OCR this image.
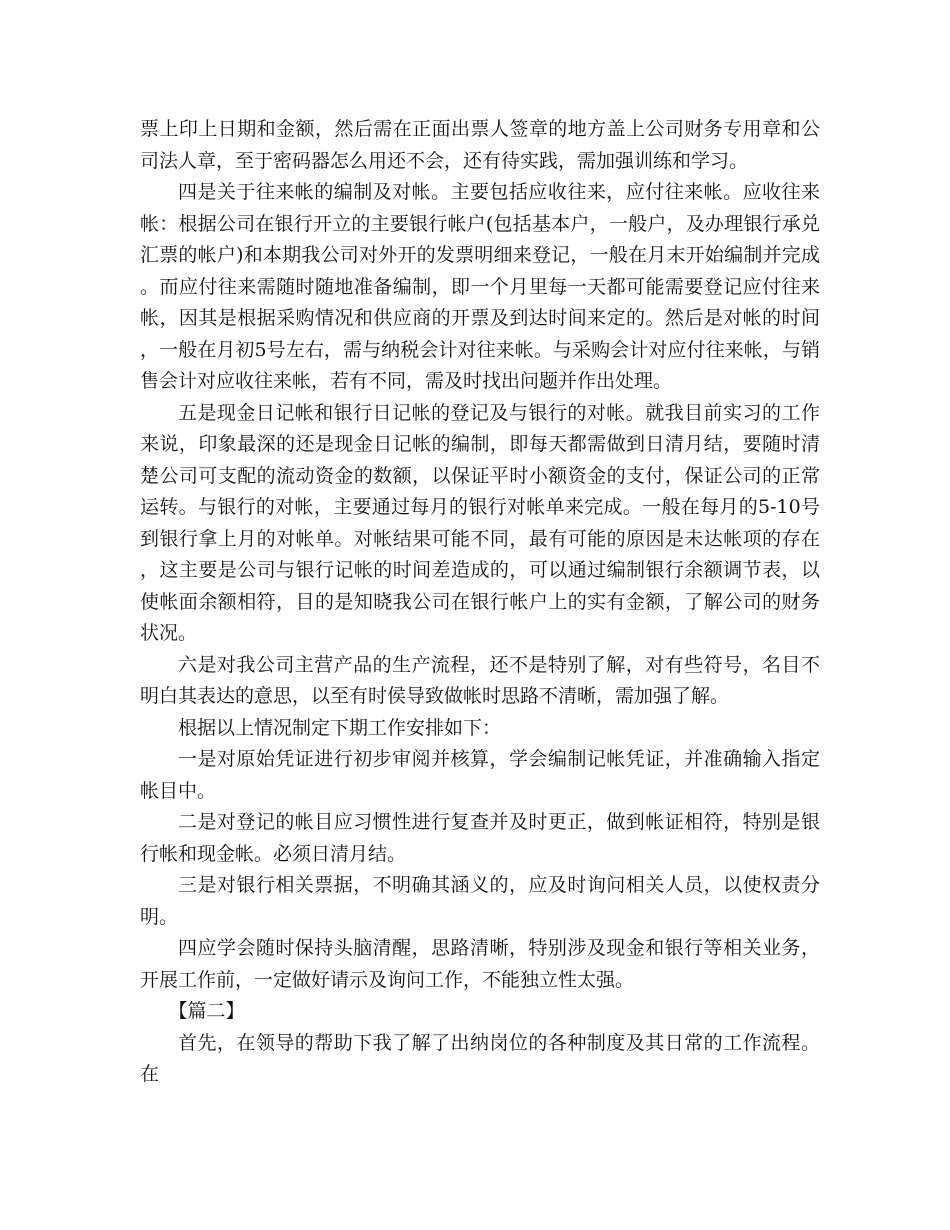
票上印上日期和金额，然后需在正面出票人签章的地方盖上公司财务专用章和公司法人章，至于密码器怎么用还不会，还有待实践，需加强训练和学习。

四是关于往来帐的编制及对帐。主要包括应收往来，应付往来帐。应收往来帐：根据公司在银行开立的主要银行帐户(包括基本户，一般户，及办理银行承兑汇票的帐户)和本期我公司对外开的发票明细来登记，一般在月末开始编制并完成。而应付往来需随时随地准备编制，即一个月里每一天都可能需要登记应付往来帐，因其是根据采购情况和供应商的开票及到达时间来定的。然后是对帐的时间，一般在月初5号左右，需与纳税会计对往来帐。与采购会计对应付往来帐，与销售会计对应收往来帐，若有不同，需及时找出问题并作出处理。

五是现金日记帐和银行日记帐的登记及与银行的对帐。就我目前实习的工作来说，印象最深的还是现金日记帐的编制，即每天都需做到日清月结，要随时清楚公司可支配的流动资金的数额，以保证平时小额资金的支付，保证公司的正常运转。与银行的对帐，主要通过每月的银行对帐单来完成。一般在每月的5-10号到银行拿上月的对帐单。对帐结果可能不同，最有可能的原因是未达帐项的存在，这主要是公司与银行记帐的时间差造成的，可以通过编制银行余额调节表，以使帐面余额相符，目的是知晓我公司在银行帐户上的实有金额，了解公司的财务状况。

六是对我公司主营产品的生产流程，还不是特别了解，对有些符号，名目不明白其表达的意思，以至有时侯导致做帐时思路不清晰，需加强了解。

根据以上情况制定下期工作安排如下：

一是对原始凭证进行初步审阅并核算，学会编制记帐凭证，并准确输入指定帐目中。

二是对登记的帐目应习惯性进行复查并及时更正，做到帐证相符，特别是银行帐和现金帐。必须日清月结。

三是对银行相关票据，不明确其涵义的，应及时询问相关人员，以使权责分明。

四应学会随时保持头脑清醒，思路清晰，特别涉及现金和银行等相关业务，开展工作前，一定做好请示及询问工作，不能独立性太强。

【篇二】

首先，在领导的帮助下我了解了出纳岗位的各种制度及其日常的工作流程。在
